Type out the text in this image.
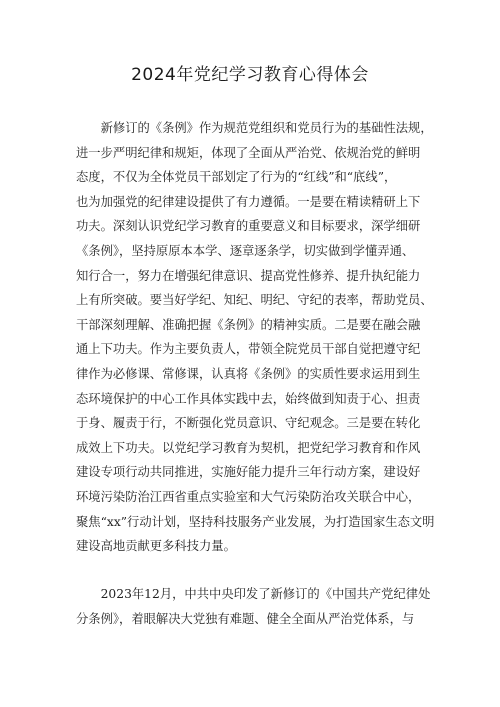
2024年党纪学习教育心得体会
　　新修订的《条例》作为规范党组织和党员行为的基础性法规，
进一步严明纪律和规矩，体现了全面从严治党、依规治党的鲜明
态度，不仅为全体党员干部划定了行为的“红线”和“底线”，
也为加强党的纪律建设提供了有力遵循。一是要在精读精研上下
功夫。深刻认识党纪学习教育的重要意义和目标要求，深学细研
《条例》，坚持原原本本学、逐章逐条学，切实做到学懂弄通、
知行合一，努力在增强纪律意识、提高党性修养、提升执纪能力
上有所突破。要当好学纪、知纪、明纪、守纪的表率，帮助党员、
干部深刻理解、准确把握《条例》的精神实质。二是要在融会融
通上下功夫。作为主要负责人，带领全院党员干部自觉把遵守纪
律作为必修课、常修课，认真将《条例》的实质性要求运用到生
态环境保护的中心工作具体实践中去，始终做到知责于心、担责
于身、履责于行，不断强化党员意识、守纪观念。三是要在转化
成效上下功夫。以党纪学习教育为契机，把党纪学习教育和作风
建设专项行动共同推进，实施好能力提升三年行动方案，建设好
环境污染防治江西省重点实验室和大气污染防治攻关联合中心，
聚焦“xx”行动计划，坚持科技服务产业发展，为打造国家生态文明
建设高地贡献更多科技力量。
　　2023年12月，中共中央印发了新修订的《中国共产党纪律处
分条例》，着眼解决大党独有难题、健全全面从严治党体系，与
